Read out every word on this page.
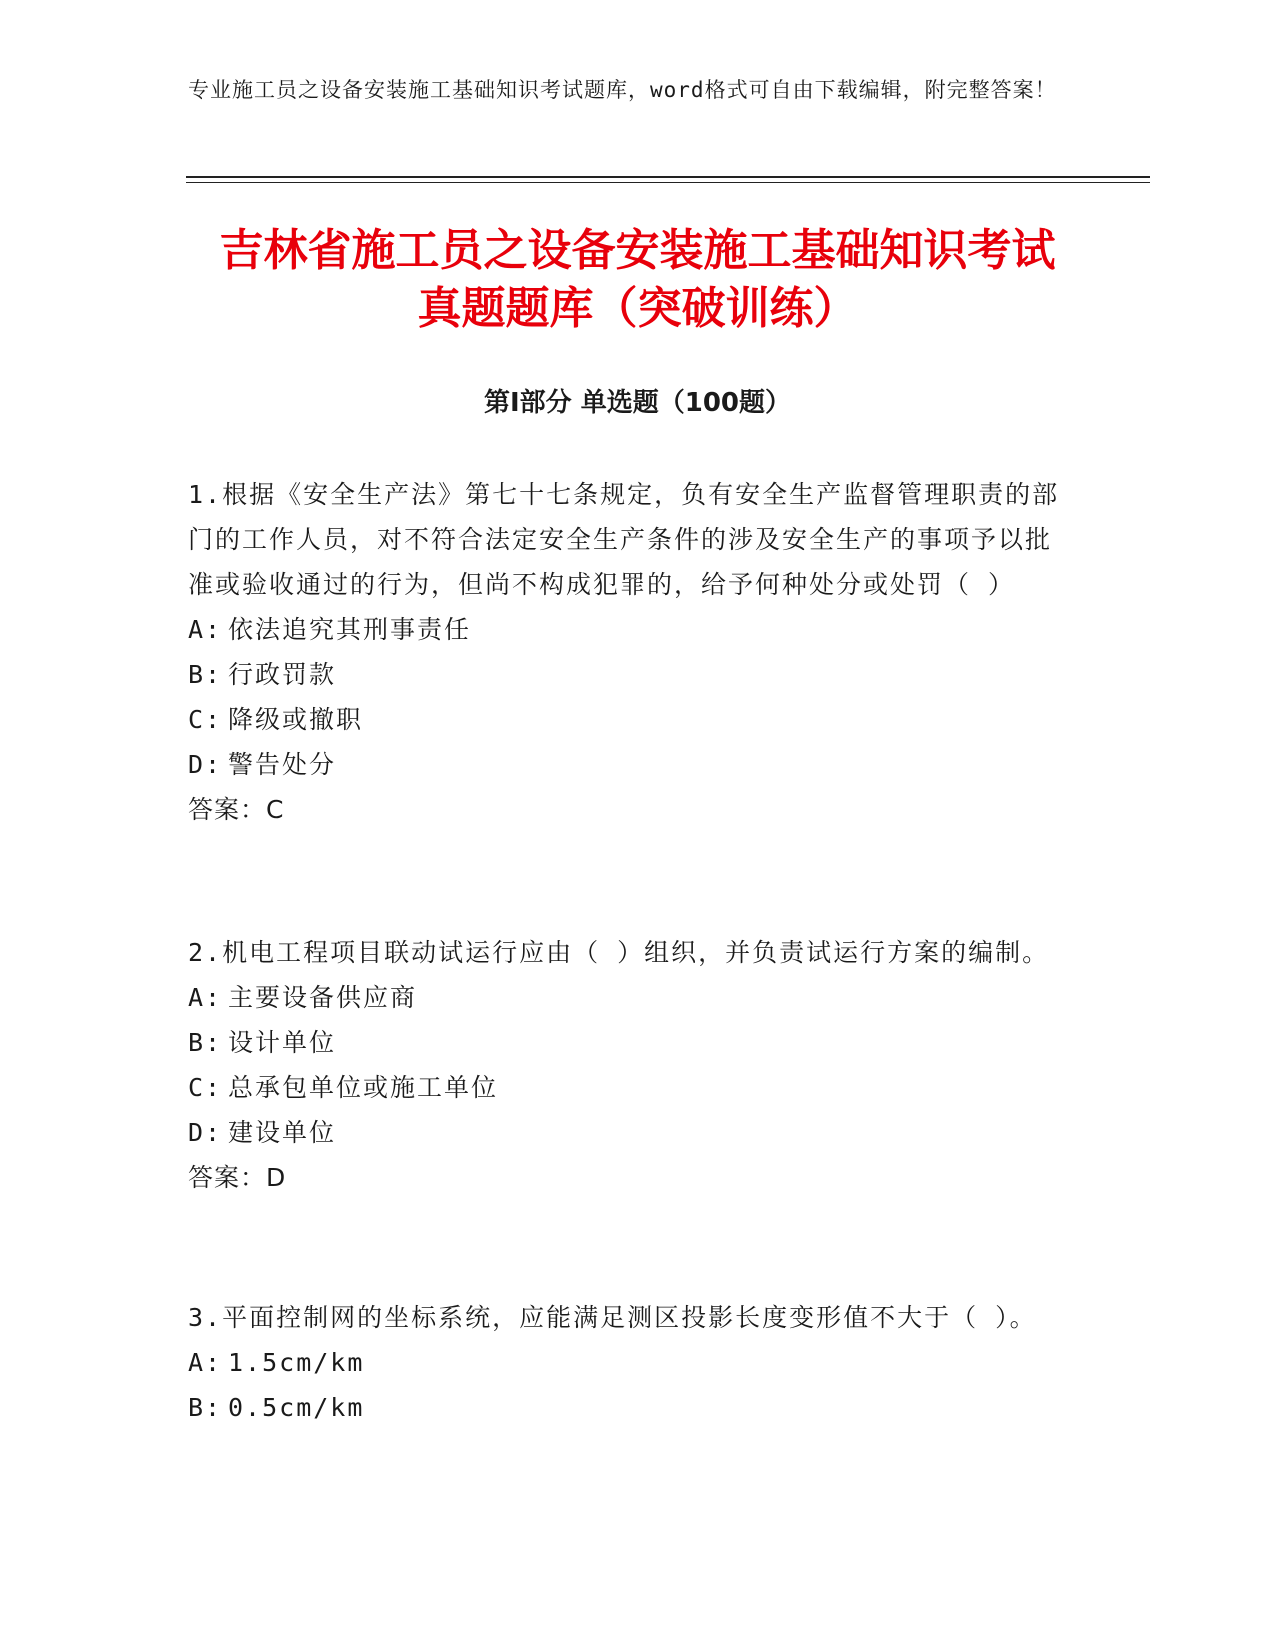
专业施工员之设备安装施工基础知识考试题库，word格式可自由下载编辑，附完整答案！
吉林省施工员之设备安装施工基础知识考试
真题题库（突破训练）
第Ⅰ部分 单选题（100题）

1.根据《安全生产法》第七十七条规定，负有安全生产监督管理职责的部门的工作人员，对不符合法定安全生产条件的涉及安全生产的事项予以批准或验收通过的行为，但尚不构成犯罪的，给予何种处分或处罚（ ）

A: 依法追究其刑事责任

B: 行政罚款

C: 降级或撤职

D: 警告处分

答案：C

2.机电工程项目联动试运行应由（ ）组织，并负责试运行方案的编制。

A: 主要设备供应商

B: 设计单位

C: 总承包单位或施工单位

D: 建设单位

答案：D

3.平面控制网的坐标系统，应能满足测区投影长度变形值不大于（ ）。

A: 1.5cm/km

B: 0.5cm/km
